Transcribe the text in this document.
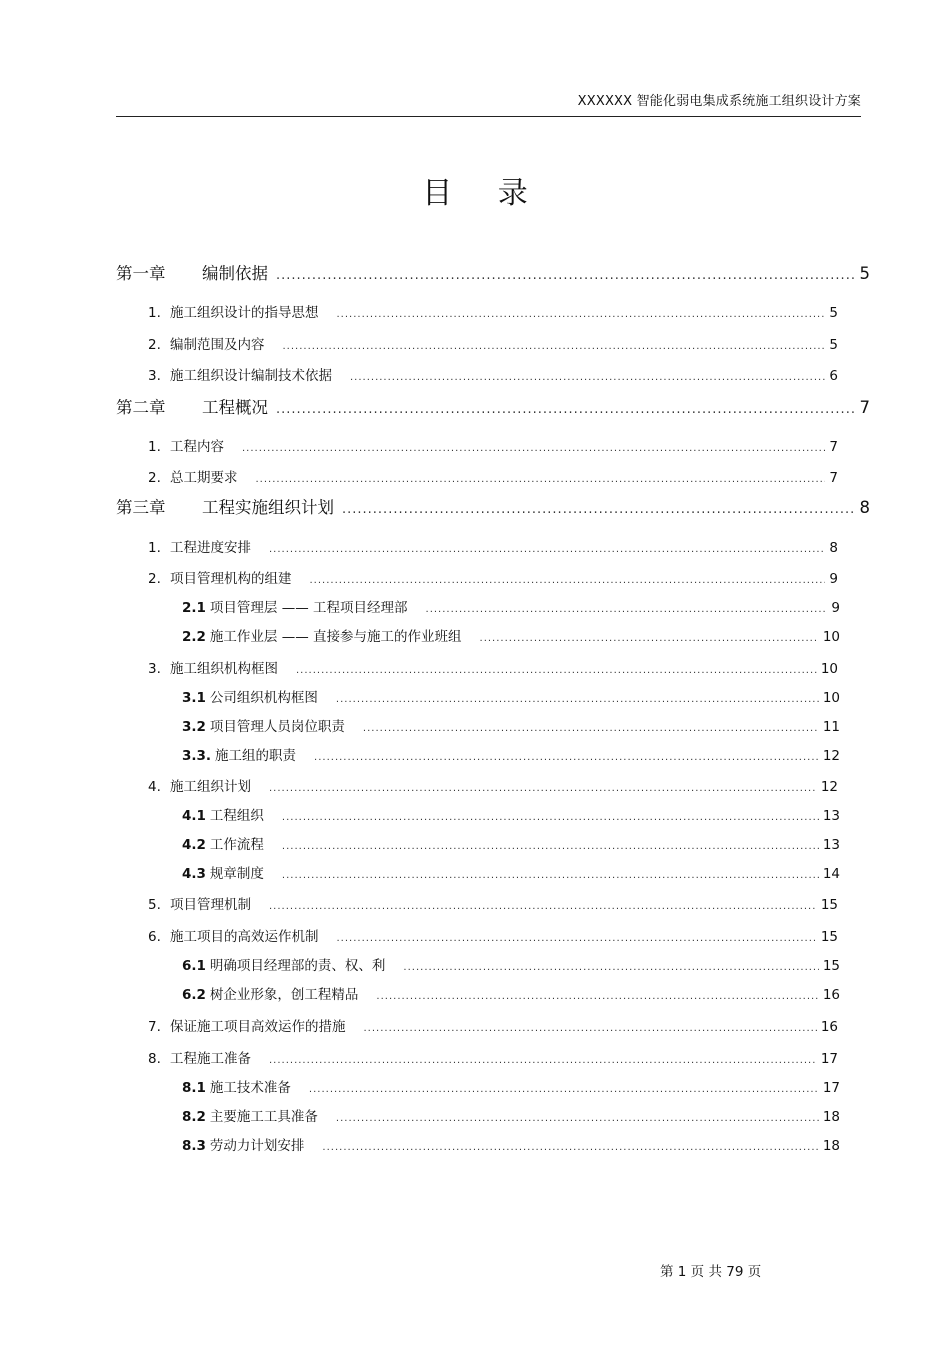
XXXXXX 智能化弱电集成系统施工组织设计方案
目 录
第一章 编制依据 .....	5
1. 施工组织设计的指导思想 .....	5
2. 编制范围及内容 .....	5
3. 施工组织设计编制技术依据 .....	6
第二章 工程概况 .....	7
1. 工程内容 .....	7
2. 总工期要求 .....	7
第三章 工程实施组织计划 .....	8
1. 工程进度安排 .....	8
2. 项目管理机构的组建 .....	9
2.1 项目管理层 —— 工程项目经理部 .....	9
2.2 施工作业层 —— 直接参与施工的作业班组 .....	10
3. 施工组织机构框图 .....	10
3.1 公司组织机构框图 .....	10
3.2 项目管理人员岗位职责 .....	11
3.3. 施工组的职责 .....	12
4. 施工组织计划 .....	12
4.1 工程组织 .....	13
4.2 工作流程 .....	13
4.3 规章制度 .....	14
5. 项目管理机制 .....	15
6. 施工项目的高效运作机制 .....	15
6.1 明确项目经理部的责、权、利 .....	15
6.2 树企业形象，创工程精品 .....	16
7. 保证施工项目高效运作的措施 .....	16
8. 工程施工准备 .....	17
8.1 施工技术准备 .....	17
8.2 主要施工工具准备 .....	18
8.3 劳动力计划安排 .....	18
第 1 页 共 79 页
